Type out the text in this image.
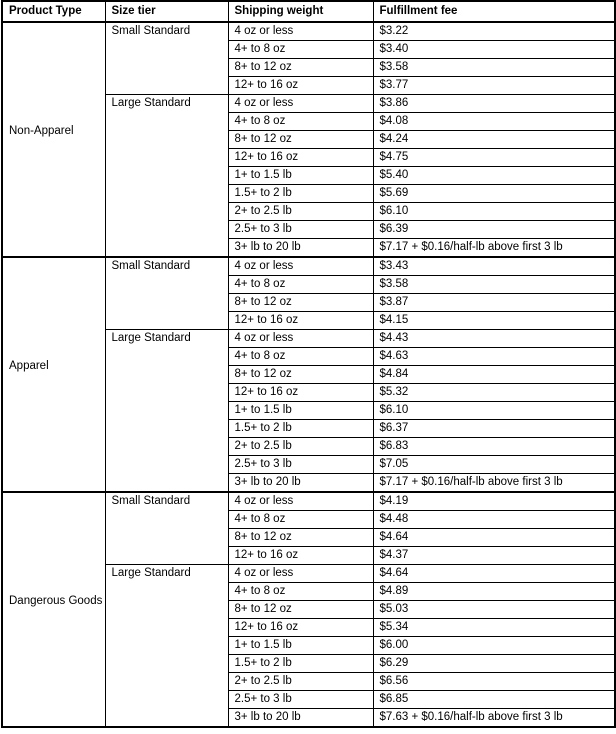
Product Type	Size tier	Shipping weight	Fulfillment fee

Non-Apparel	Small Standard	4 oz or less	$3.22
		4+ to 8 oz	$3.40
		8+ to 12 oz	$3.58
		12+ to 16 oz	$3.77
	Large Standard	4 oz or less	$3.86
		4+ to 8 oz	$4.08
		8+ to 12 oz	$4.24
		12+ to 16 oz	$4.75
		1+ to 1.5 lb	$5.40
		1.5+ to 2 lb	$5.69
		2+ to 2.5 lb	$6.10
		2.5+ to 3 lb	$6.39
		3+ lb to 20 lb	$7.17 + $0.16/half-lb above first 3 lb

Apparel	Small Standard	4 oz or less	$3.43
		4+ to 8 oz	$3.58
		8+ to 12 oz	$3.87
		12+ to 16 oz	$4.15
	Large Standard	4 oz or less	$4.43
		4+ to 8 oz	$4.63
		8+ to 12 oz	$4.84
		12+ to 16 oz	$5.32
		1+ to 1.5 lb	$6.10
		1.5+ to 2 lb	$6.37
		2+ to 2.5 lb	$6.83
		2.5+ to 3 lb	$7.05
		3+ lb to 20 lb	$7.17 + $0.16/half-lb above first 3 lb

Dangerous Goods	Small Standard	4 oz or less	$4.19
		4+ to 8 oz	$4.48
		8+ to 12 oz	$4.64
		12+ to 16 oz	$4.37
	Large Standard	4 oz or less	$4.64
		4+ to 8 oz	$4.89
		8+ to 12 oz	$5.03
		12+ to 16 oz	$5.34
		1+ to 1.5 lb	$6.00
		1.5+ to 2 lb	$6.29
		2+ to 2.5 lb	$6.56
		2.5+ to 3 lb	$6.85
		3+ lb to 20 lb	$7.63 + $0.16/half-lb above first 3 lb
